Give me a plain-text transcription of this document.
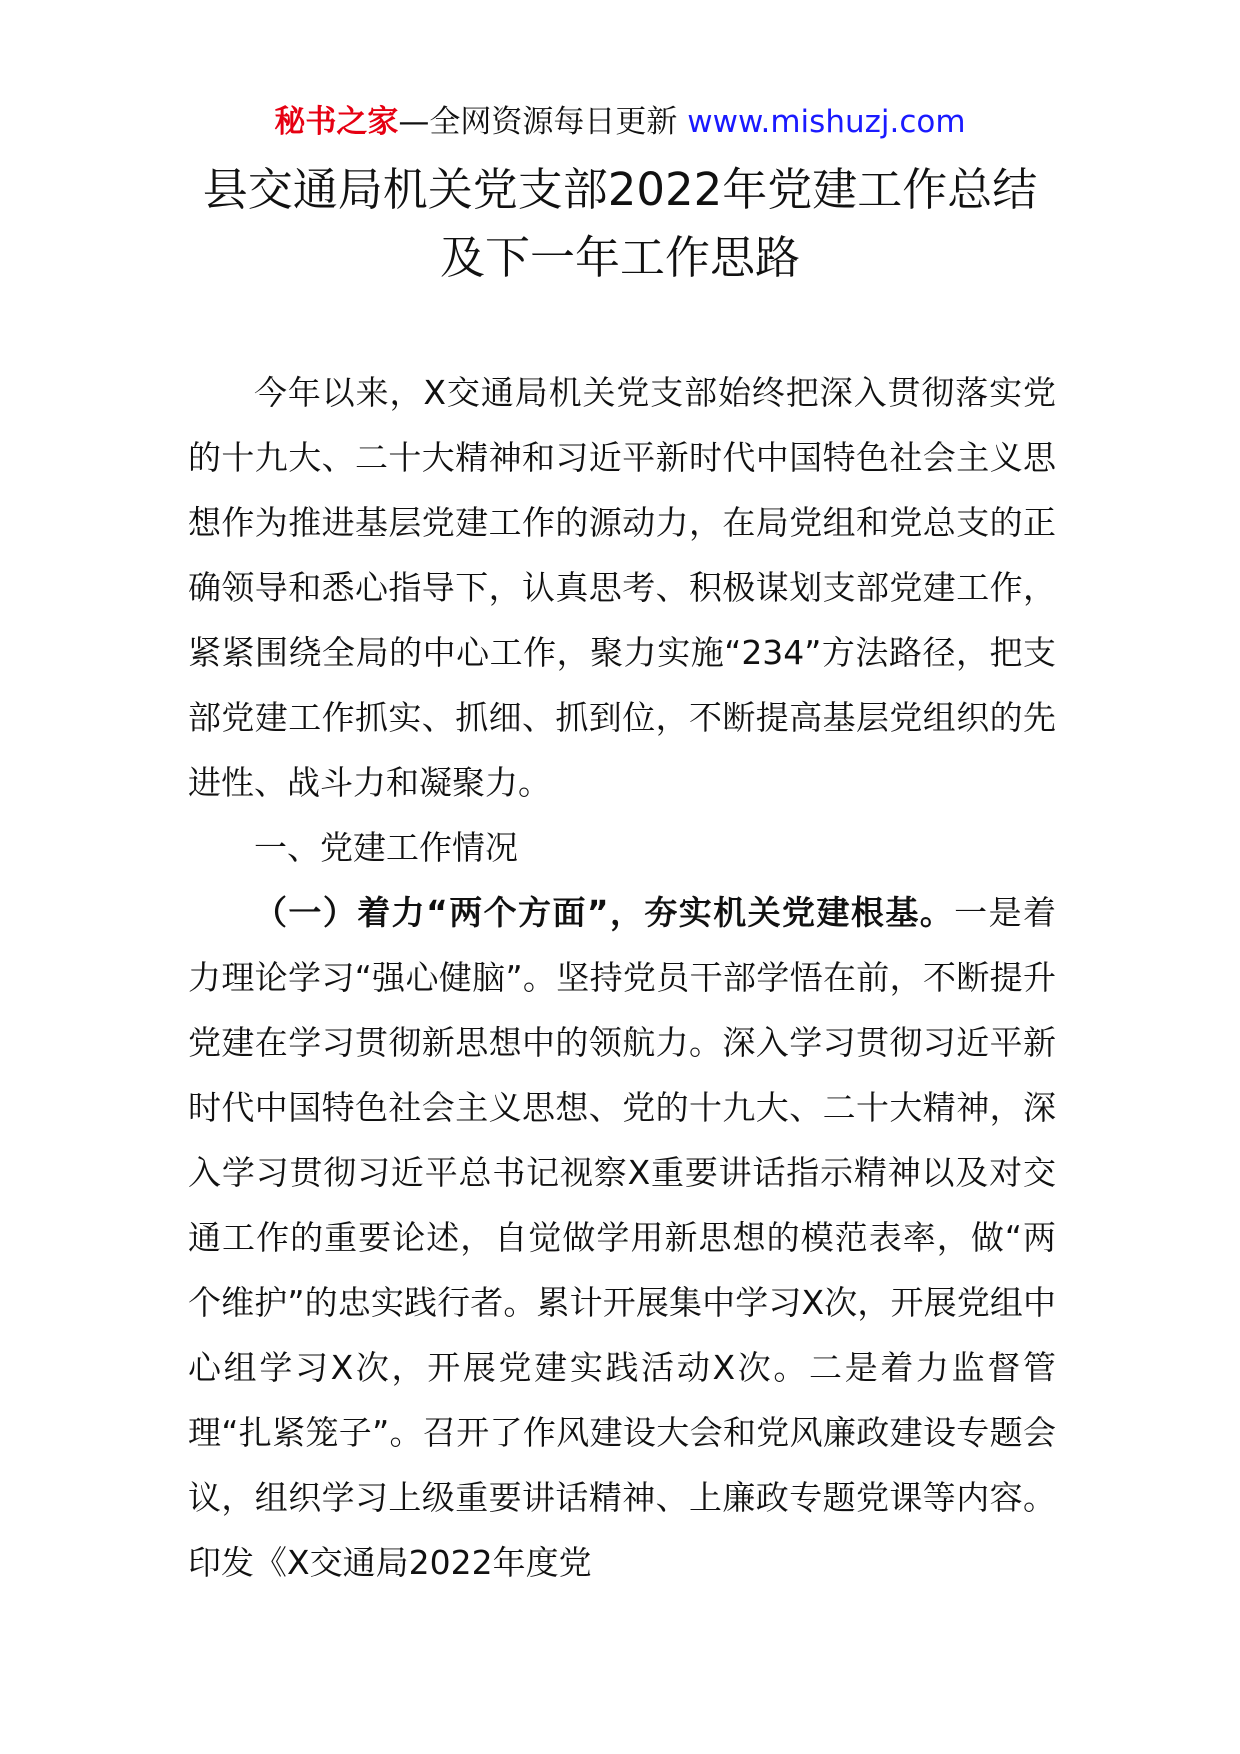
秘书之家—全网资源每日更新 www.mishuzj.com
县交通局机关党支部2022年党建工作总结
及下一年工作思路

今年以来，X交通局机关党支部始终把深入贯彻落实党的十九大、二十大精神和习近平新时代中国特色社会主义思想作为推进基层党建工作的源动力，在局党组和党总支的正确领导和悉心指导下，认真思考、积极谋划支部党建工作，紧紧围绕全局的中心工作，聚力实施“234”方法路径，把支部党建工作抓实、抓细、抓到位，不断提高基层党组织的先进性、战斗力和凝聚力。

一、党建工作情况

（一）着力“两个方面”，夯实机关党建根基。一是着力理论学习“强心健脑”。坚持党员干部学悟在前，不断提升党建在学习贯彻新思想中的领航力。深入学习贯彻习近平新时代中国特色社会主义思想、党的十九大、二十大精神，深入学习贯彻习近平总书记视察X重要讲话指示精神以及对交通工作的重要论述，自觉做学用新思想的模范表率，做“两个维护”的忠实践行者。累计开展集中学习X次，开展党组中心组学习X次，开展党建实践活动X次。二是着力监督管理“扎紧笼子”。召开了作风建设大会和党风廉政建设专题会议，组织学习上级重要讲话精神、上廉政专题党课等内容。印发《X交通局2022年度党
